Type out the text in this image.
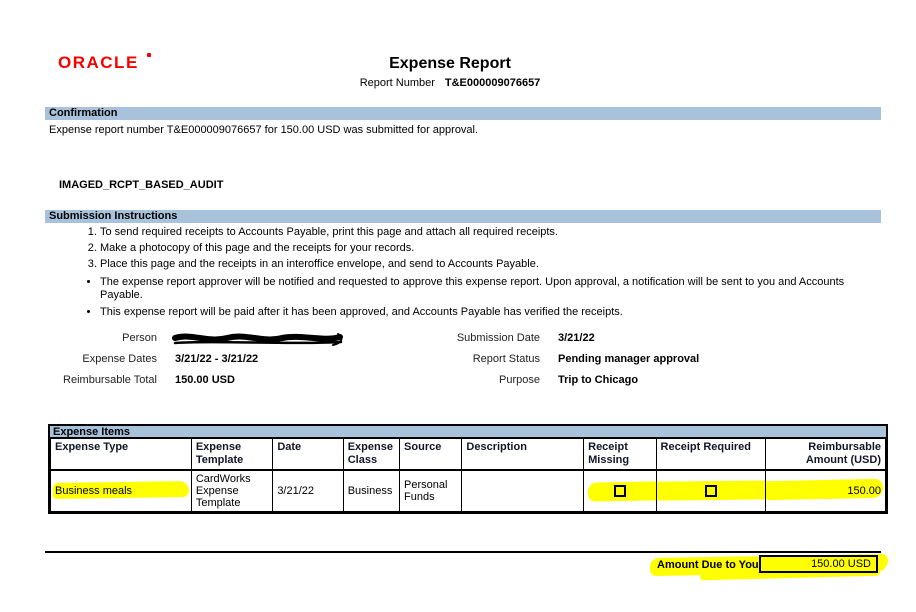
ORACLE	Expense Report
Report Number T&E000009076657
Confirmation
Expense report number T&E000009076657 for 150.00 USD was submitted for approval.
IMAGED_RCPT_BASED_AUDIT
Submission Instructions
1. To send required receipts to Accounts Payable, print this page and attach all required receipts.
2. Make a photocopy of this page and the receipts for your records.
3. Place this page and the receipts in an interoffice envelope, and send to Accounts Payable.
• The expense report approver will be notified and requested to approve this expense report. Upon approval, a notification will be sent to you and Accounts Payable.
• This expense report will be paid after it has been approved, and Accounts Payable has verified the receipts.
Person
Expense Dates 3/21/22 - 3/21/22
Reimbursable Total 150.00 USD
Submission Date 3/21/22
Report Status Pending manager approval
Purpose Trip to Chicago
Expense Items
Expense Type	Expense Template	Date	Expense Class	Source	Description	Receipt Missing	Receipt Required	Reimbursable Amount (USD)

Business meals	CardWorks Expense Template	3/21/22	Business	Personal Funds				150.00
Amount Due to You	150.00 USD
